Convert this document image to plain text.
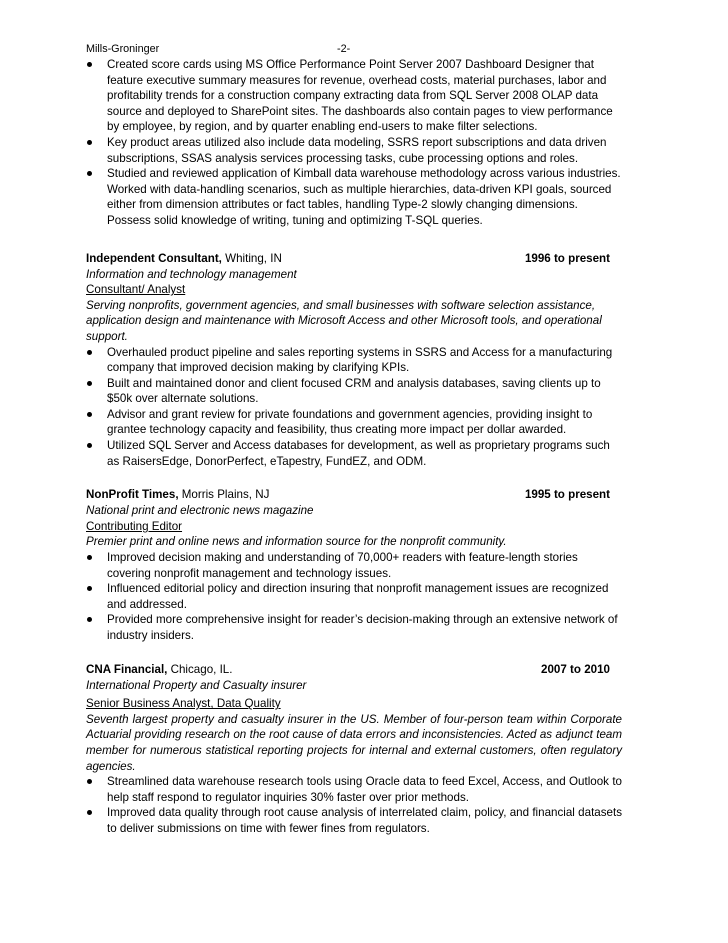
Mills-Groninger	-2-
Created score cards using MS Office Performance Point Server 2007 Dashboard Designer that feature executive summary measures for revenue, overhead costs, material purchases, labor and profitability trends for a construction company extracting data from SQL Server 2008 OLAP data source and deployed to SharePoint sites. The dashboards also contain pages to view performance by employee, by region, and by quarter enabling end-users to make filter selections.
Key product areas utilized also include data modeling, SSRS report subscriptions and data driven subscriptions, SSAS analysis services processing tasks, cube processing options and roles.
Studied and reviewed application of Kimball data warehouse methodology across various industries. Worked with data-handling scenarios, such as multiple hierarchies, data-driven KPI goals, sourced either from dimension attributes or fact tables, handling Type-2 slowly changing dimensions. Possess solid knowledge of writing, tuning and optimizing T-SQL queries.
Independent Consultant, Whiting, IN	1996 to present
Information and technology management
Consultant/ Analyst
Serving nonprofits, government agencies, and small businesses with software selection assistance, application design and maintenance with Microsoft Access and other Microsoft tools, and operational support.
Overhauled product pipeline and sales reporting systems in SSRS and Access for a manufacturing company that improved decision making by clarifying KPIs.
Built and maintained donor and client focused CRM and analysis databases, saving clients up to $50k over alternate solutions.
Advisor and grant review for private foundations and government agencies, providing insight to grantee technology capacity and feasibility, thus creating more impact per dollar awarded.
Utilized SQL Server and Access databases for development, as well as proprietary programs such as RaisersEdge, DonorPerfect, eTapestry, FundEZ, and ODM.
NonProfit Times, Morris Plains, NJ	1995 to present
National print and electronic news magazine
Contributing Editor
Premier print and online news and information source for the nonprofit community.
Improved decision making and understanding of 70,000+ readers with feature-length stories covering nonprofit management and technology issues.
Influenced editorial policy and direction insuring that nonprofit management issues are recognized and addressed.
Provided more comprehensive insight for reader’s decision-making through an extensive network of industry insiders.
CNA Financial, Chicago, IL.	2007 to 2010
International Property and Casualty insurer
Senior Business Analyst, Data Quality
Seventh largest property and casualty insurer in the US. Member of four-person team within Corporate Actuarial providing research on the root cause of data errors and inconsistencies. Acted as adjunct team member for numerous statistical reporting projects for internal and external customers, often regulatory agencies.
Streamlined data warehouse research tools using Oracle data to feed Excel, Access, and Outlook to help staff respond to regulator inquiries 30% faster over prior methods.
Improved data quality through root cause analysis of interrelated claim, policy, and financial datasets to deliver submissions on time with fewer fines from regulators.
